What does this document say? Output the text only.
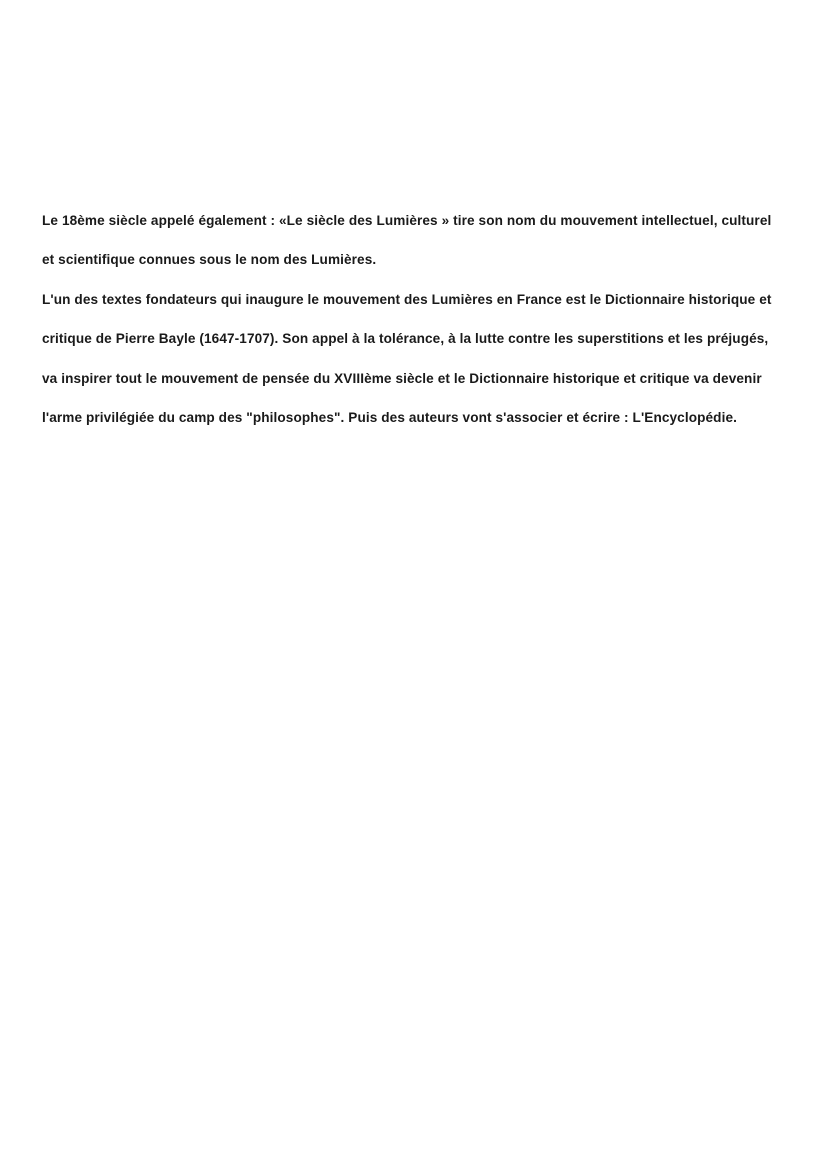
Le 18ème siècle appelé également : «Le siècle des Lumières » tire son nom du mouvement intellectuel, culturel
et scientifique connues sous le nom des Lumières.
L'un des textes fondateurs qui inaugure le mouvement des Lumières en France est le Dictionnaire historique et
critique de Pierre Bayle (1647-1707). Son appel à la tolérance, à la lutte contre les superstitions et les préjugés,
va inspirer tout le mouvement de pensée du XVIIIème siècle et le Dictionnaire historique et critique va devenir
l'arme privilégiée du camp des "philosophes". Puis des auteurs vont s'associer et écrire : L'Encyclopédie.
